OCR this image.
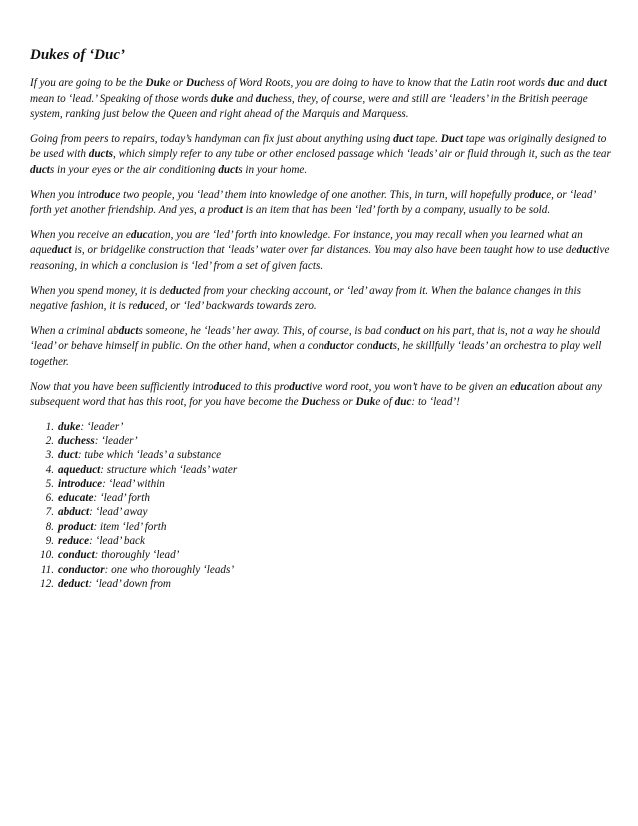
Dukes of ‘Duc’

If you are going to be the Duke or Duchess of Word Roots, you are doing to have to know that the Latin root words duc and duct mean to ‘lead.’ Speaking of those words duke and duchess, they, of course, were and still are ‘leaders’ in the British peerage system, ranking just below the Queen and right ahead of the Marquis and Marquess.

Going from peers to repairs, today’s handyman can fix just about anything using duct tape. Duct tape was originally designed to be used with ducts, which simply refer to any tube or other enclosed passage which ‘leads’ air or fluid through it, such as the tear ducts in your eyes or the air conditioning ducts in your home.

When you introduce two people, you ‘lead’ them into knowledge of one another. This, in turn, will hopefully produce, or ‘lead’ forth yet another friendship. And yes, a product is an item that has been ‘led’ forth by a company, usually to be sold.

When you receive an education, you are ‘led’ forth into knowledge. For instance, you may recall when you learned what an aqueduct is, or bridgelike construction that ‘leads’ water over far distances. You may also have been taught how to use deductive reasoning, in which a conclusion is ‘led’ from a set of given facts.

When you spend money, it is deducted from your checking account, or ‘led’ away from it. When the balance changes in this negative fashion, it is reduced, or ‘led’ backwards towards zero.

When a criminal abducts someone, he ‘leads’ her away. This, of course, is bad conduct on his part, that is, not a way he should ‘lead’ or behave himself in public. On the other hand, when a conductor conducts, he skillfully ‘leads’ an orchestra to play well together.

Now that you have been sufficiently introduced to this productive word root, you won’t have to be given an education about any subsequent word that has this root, for you have become the Duchess or Duke of duc: to ‘lead’!

1. duke: ‘leader’
2. duchess: ‘leader’
3. duct: tube which ‘leads’ a substance
4. aqueduct: structure which ‘leads’ water
5. introduce: ‘lead’ within
6. educate: ‘lead’ forth
7. abduct: ‘lead’ away
8. product: item ‘led’ forth
9. reduce: ‘lead’ back
10. conduct: thoroughly ‘lead’
11. conductor: one who thoroughly ‘leads’
12. deduct: ‘lead’ down from
